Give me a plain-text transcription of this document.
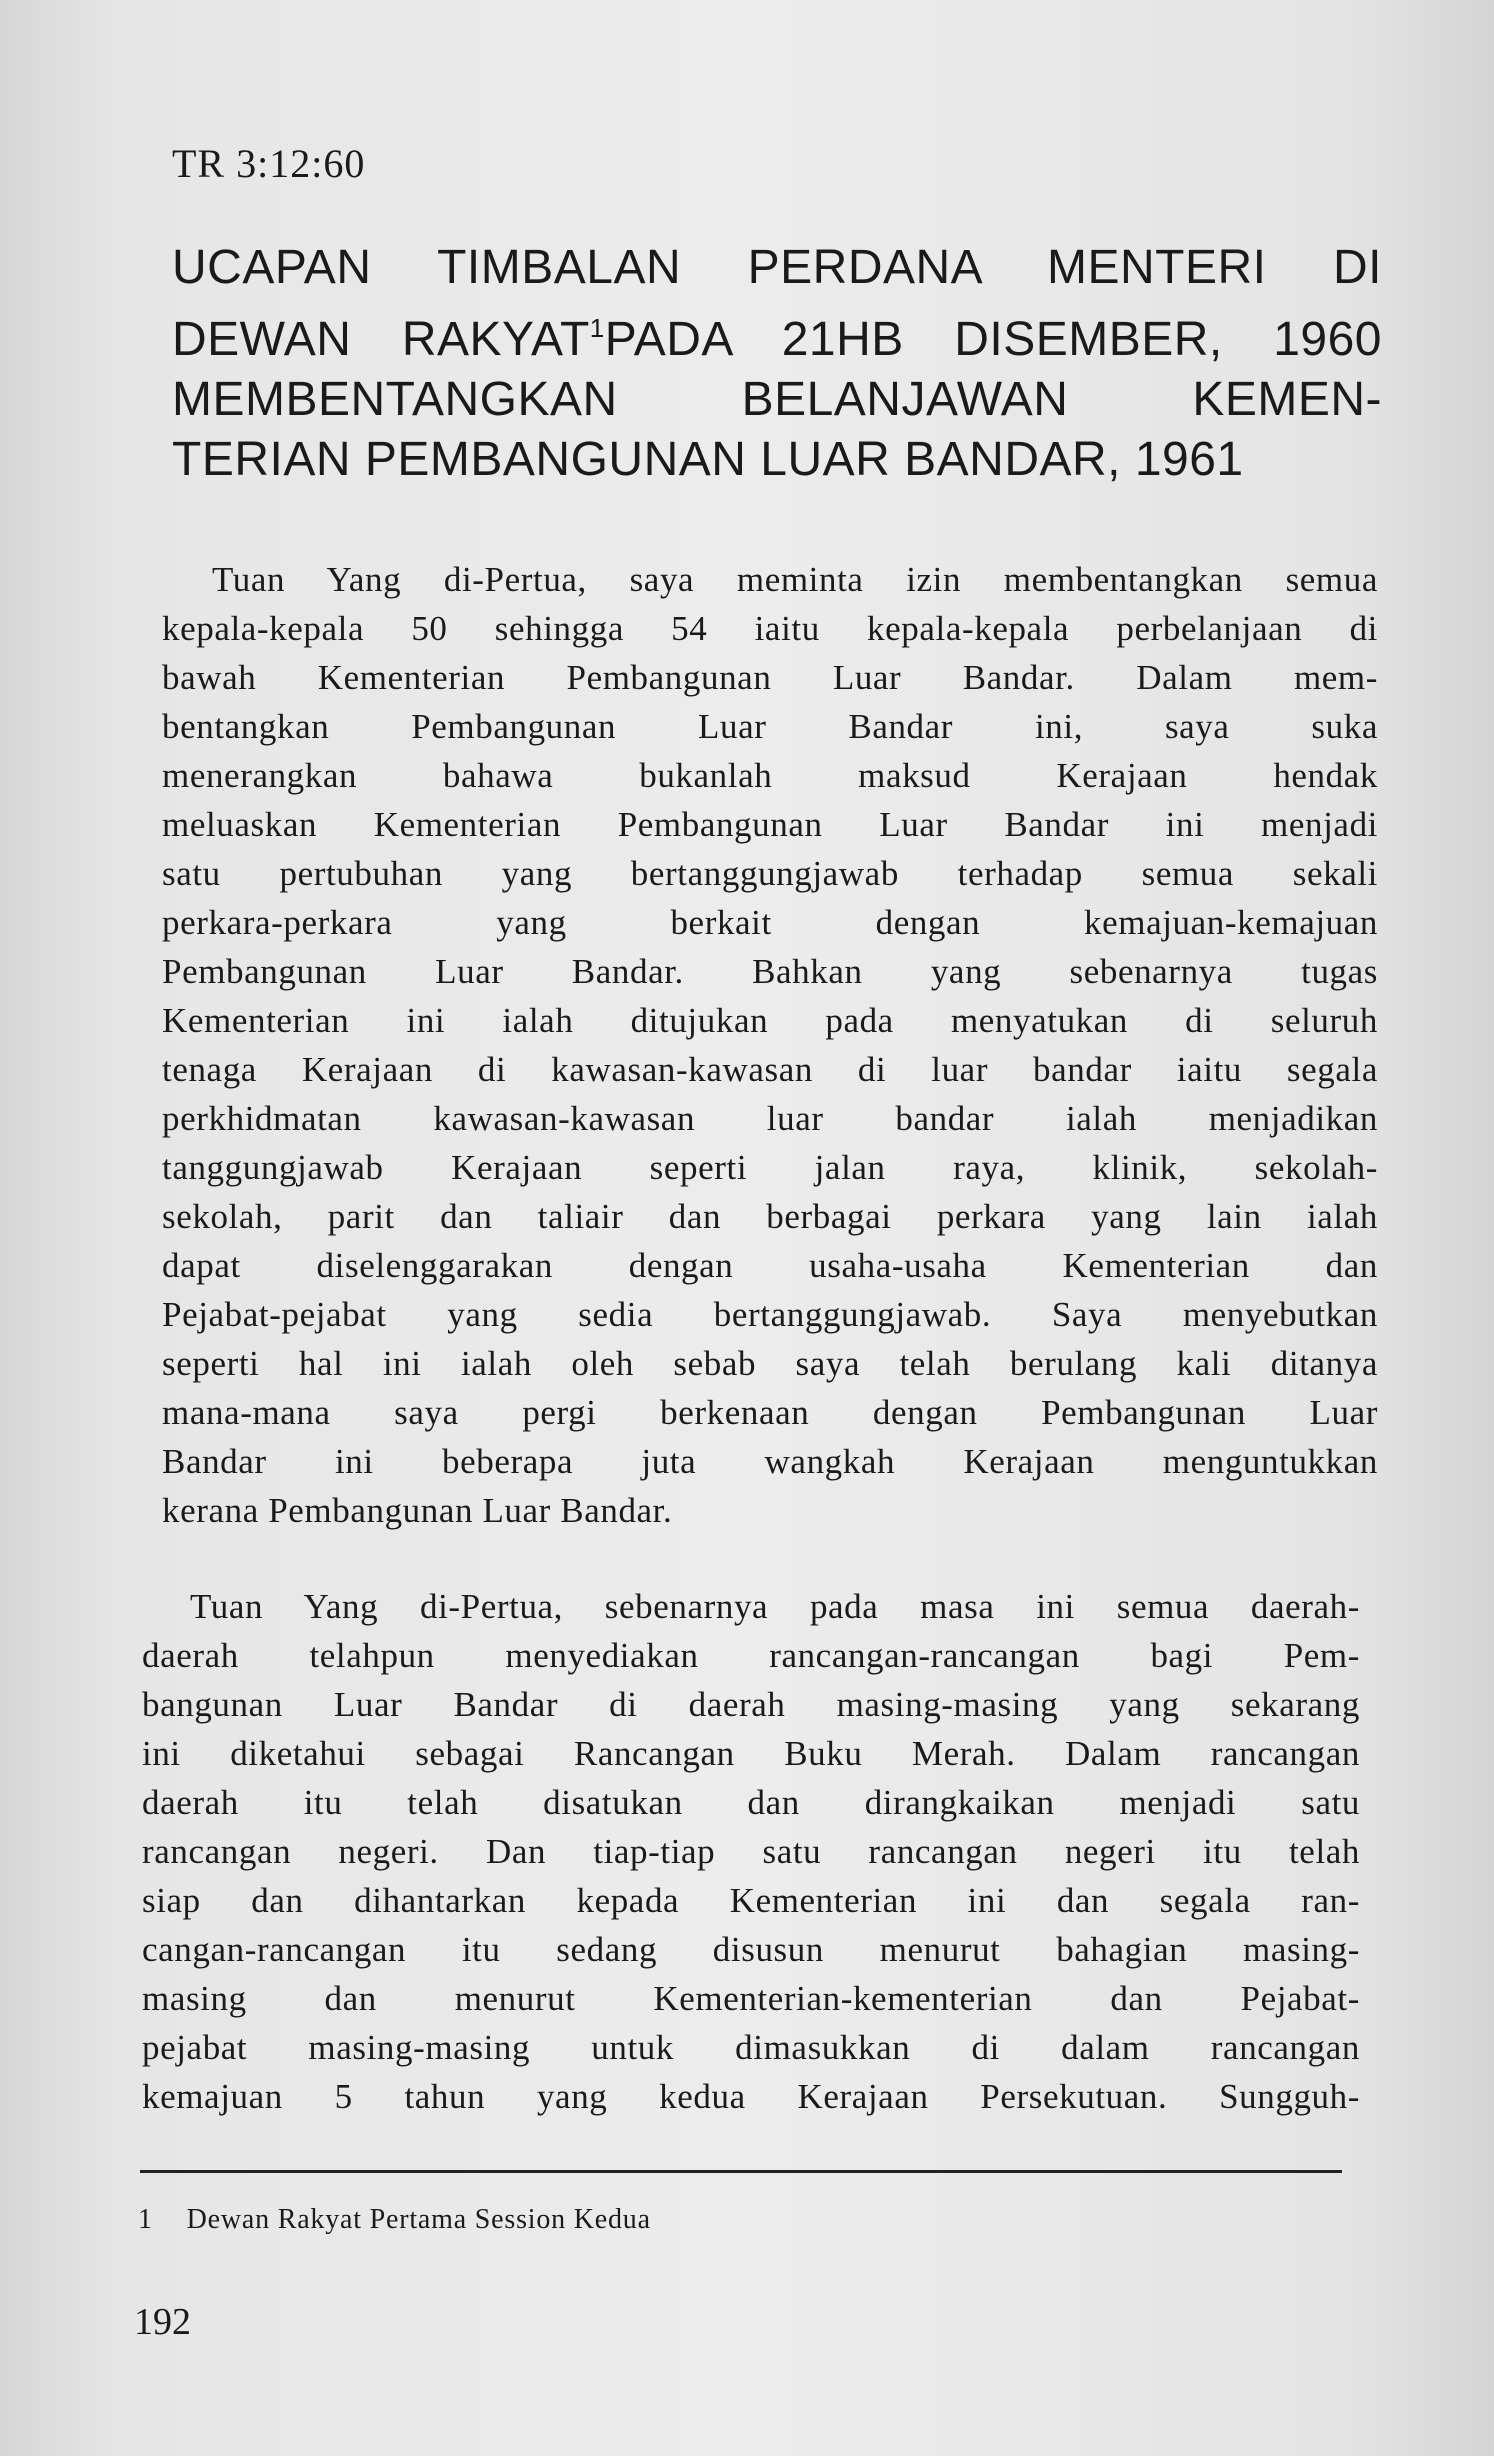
TR 3:12:60
UCAPAN TIMBALAN PERDANA MENTERI DI
DEWAN RAKYAT$^1$PADA 21HB DISEMBER, 1960
MEMBENTANGKAN BELANJAWAN KEMEN-
TERIAN PEMBANGUNAN LUAR BANDAR, 1961

Tuan Yang di-Pertua, saya meminta izin membentangkan semua
kepala-kepala 50 sehingga 54 iaitu kepala-kepala perbelanjaan di
bawah Kementerian Pembangunan Luar Bandar. Dalam mem-
bentangkan Pembangunan Luar Bandar ini, saya suka
menerangkan bahawa bukanlah maksud Kerajaan hendak
meluaskan Kementerian Pembangunan Luar Bandar ini menjadi
satu pertubuhan yang bertanggungjawab terhadap semua sekali
perkara-perkara yang berkait dengan kemajuan-kemajuan
Pembangunan Luar Bandar. Bahkan yang sebenarnya tugas
Kementerian ini ialah ditujukan pada menyatukan di seluruh
tenaga Kerajaan di kawasan-kawasan di luar bandar iaitu segala
perkhidmatan kawasan-kawasan luar bandar ialah menjadikan
tanggungjawab Kerajaan seperti jalan raya, klinik, sekolah-
sekolah, parit dan taliair dan berbagai perkara yang lain ialah
dapat diselenggarakan dengan usaha-usaha Kementerian dan
Pejabat-pejabat yang sedia bertanggungjawab. Saya menyebutkan
seperti hal ini ialah oleh sebab saya telah berulang kali ditanya
mana-mana saya pergi berkenaan dengan Pembangunan Luar
Bandar ini beberapa juta wangkah Kerajaan menguntukkan
kerana Pembangunan Luar Bandar.

Tuan Yang di-Pertua, sebenarnya pada masa ini semua daerah-
daerah telahpun menyediakan rancangan-rancangan bagi Pem-
bangunan Luar Bandar di daerah masing-masing yang sekarang
ini diketahui sebagai Rancangan Buku Merah. Dalam rancangan
daerah itu telah disatukan dan dirangkaikan menjadi satu
rancangan negeri. Dan tiap-tiap satu rancangan negeri itu telah
siap dan dihantarkan kepada Kementerian ini dan segala ran-
cangan-rancangan itu sedang disusun menurut bahagian masing-
masing dan menurut Kementerian-kementerian dan Pejabat-
pejabat masing-masing untuk dimasukkan di dalam rancangan
kemajuan 5 tahun yang kedua Kerajaan Persekutuan. Sungguh-

1 Dewan Rakyat Pertama Session Kedua
192
